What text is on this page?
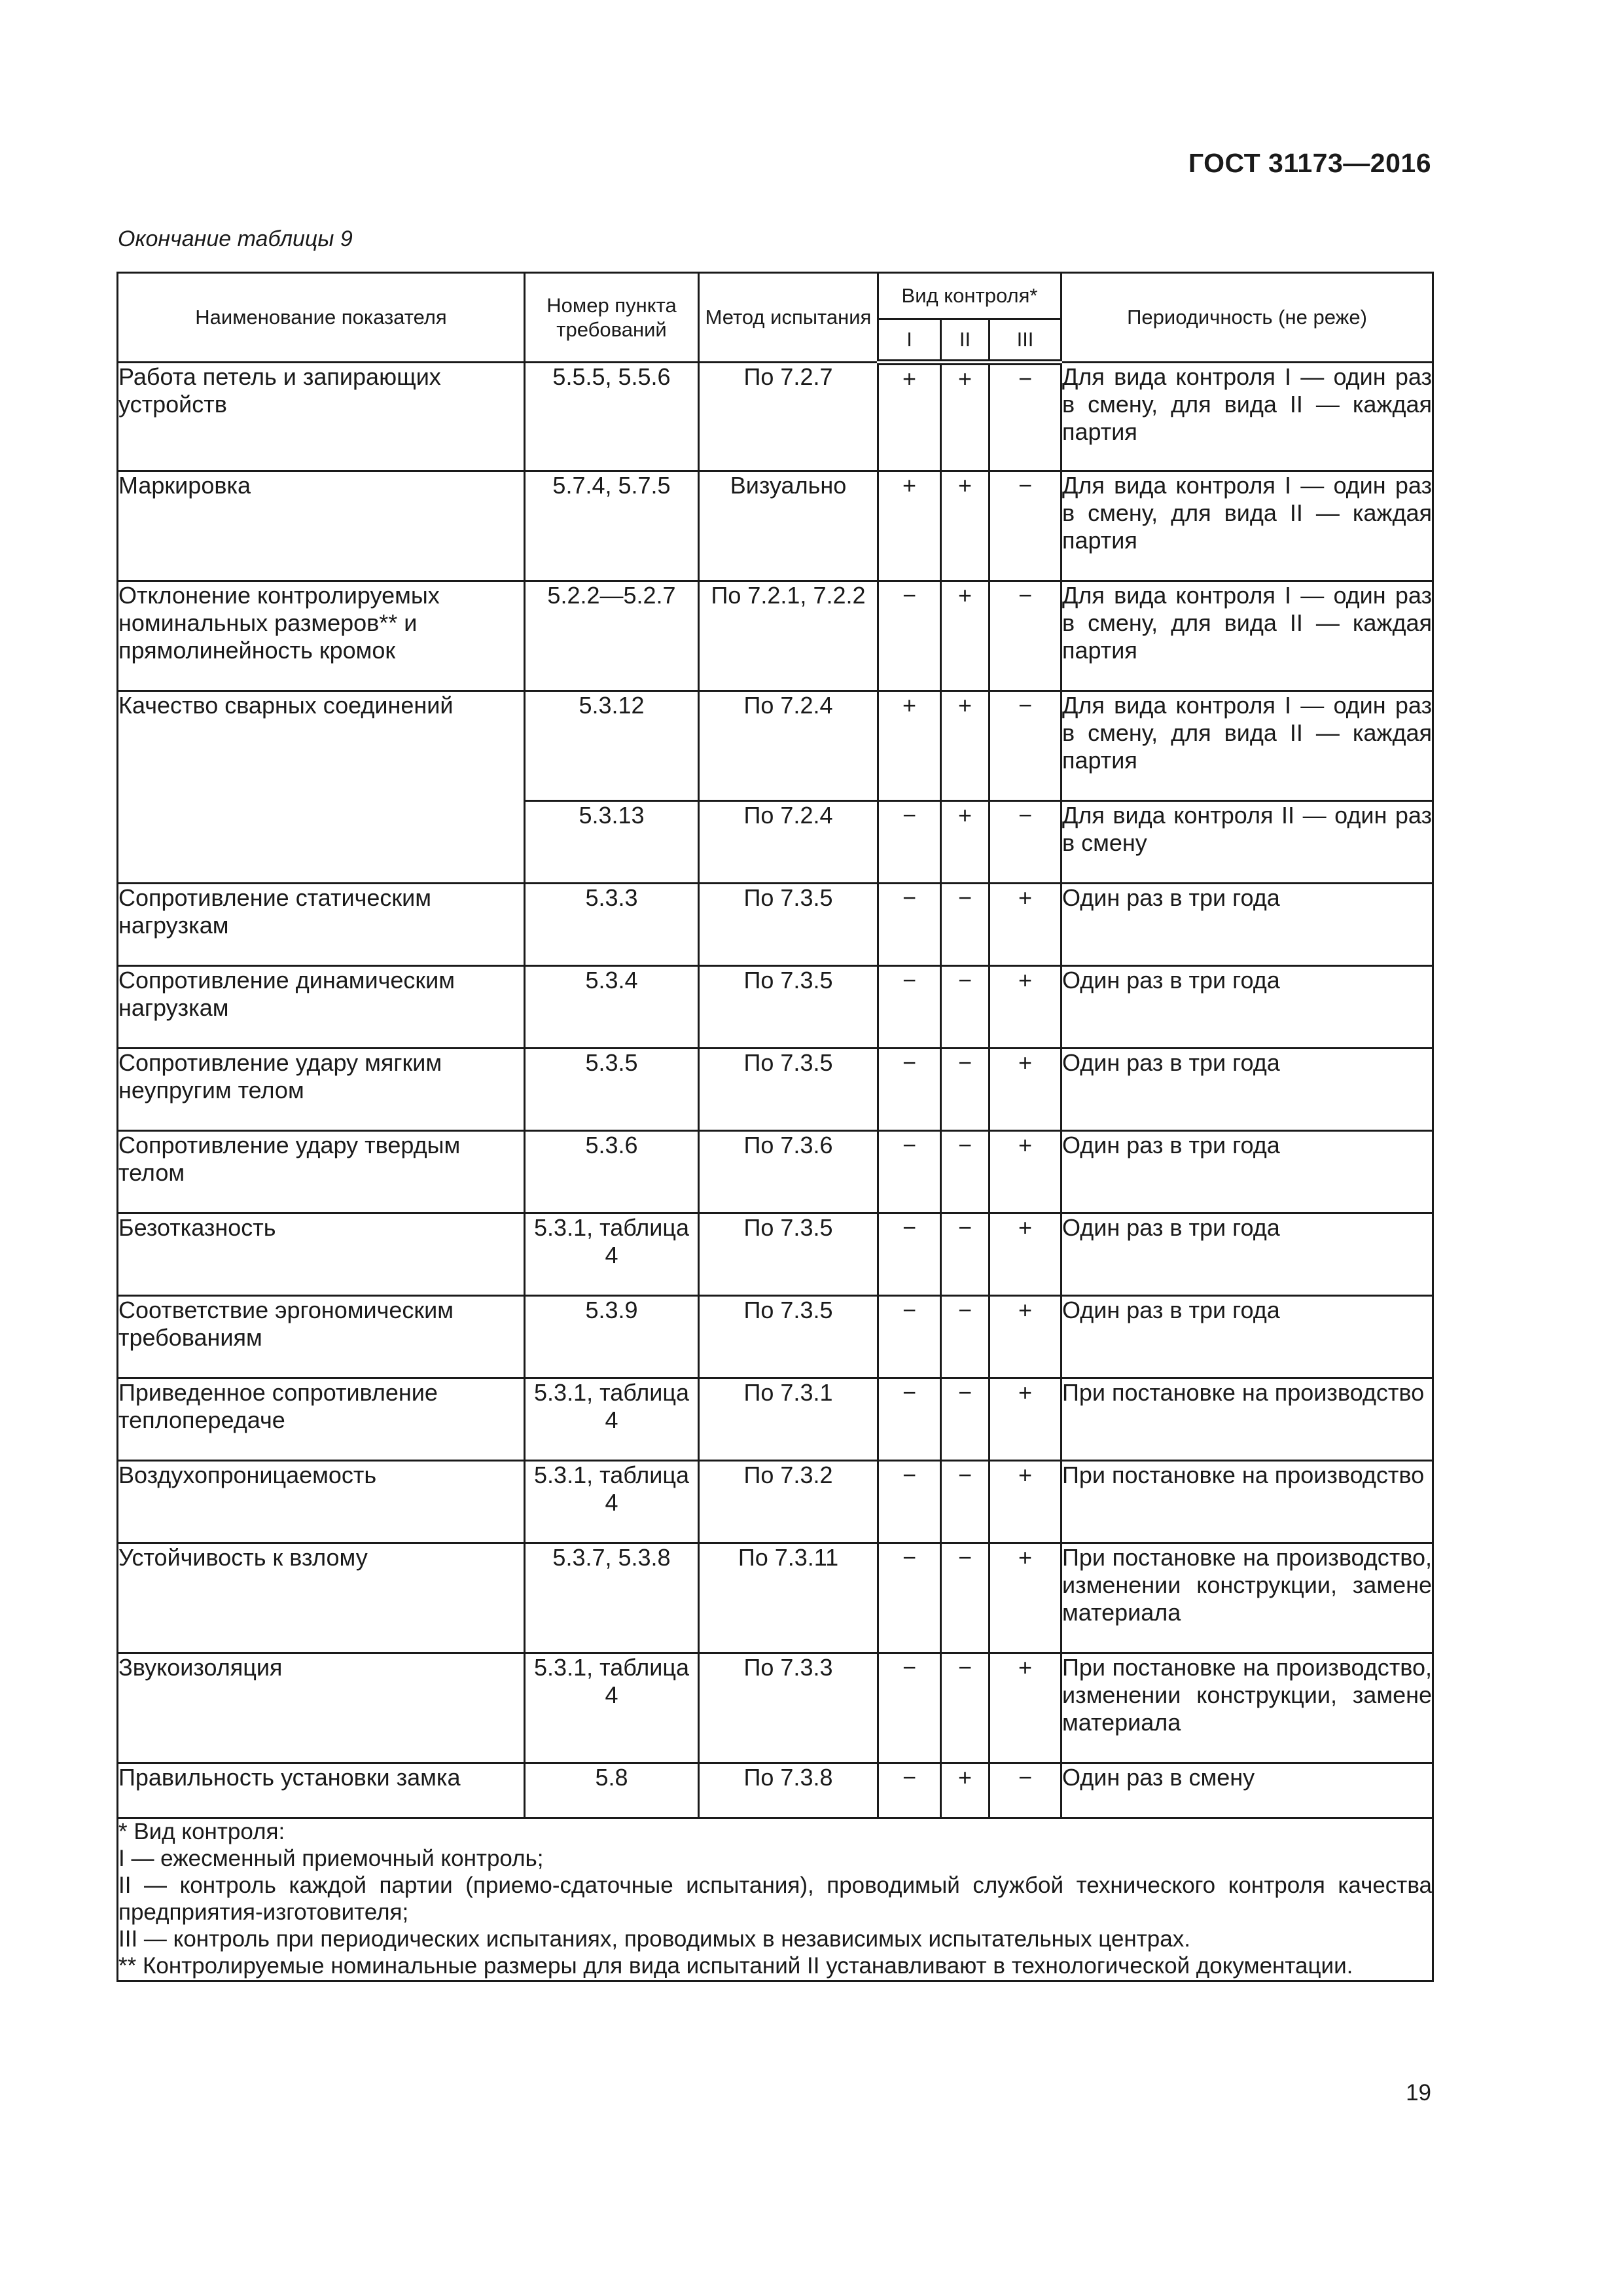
ГОСТ 31173—2016
Окончание таблицы 9
Наименование показателя	Номер пункта требований	Метод испытания	Вид контроля*			Периодичность (не реже)
			I	II	III	
Работа петель и запирающих устройств	5.5.5, 5.5.6	По 7.2.7	+	+	−	Для вида контроля I — один раз в смену, для вида II — каждая партия
Маркировка	5.7.4, 5.7.5	Визуально	+	+	−	Для вида контроля I — один раз в смену, для вида II — каждая партия
Отклонение контролируемых номинальных размеров** и прямолинейность кромок	5.2.2—5.2.7	По 7.2.1, 7.2.2	−	+	−	Для вида контроля I — один раз в смену, для вида II — каждая партия
Качество сварных соединений	5.3.12	По 7.2.4	+	+	−	Для вида контроля I — один раз в смену, для вида II — каждая партия
	5.3.13	По 7.2.4	−	+	−	Для вида контроля II — один раз в смену
Сопротивление статическим нагрузкам	5.3.3	По 7.3.5	−	−	+	Один раз в три года
Сопротивление динамическим нагрузкам	5.3.4	По 7.3.5	−	−	+	Один раз в три года
Сопротивление удару мягким неупругим телом	5.3.5	По 7.3.5	−	−	+	Один раз в три года
Сопротивление удару твердым телом	5.3.6	По 7.3.6	−	−	+	Один раз в три года
Безотказность	5.3.1, таблица 4	По 7.3.5	−	−	+	Один раз в три года
Соответствие эргономическим требованиям	5.3.9	По 7.3.5	−	−	+	Один раз в три года
Приведенное сопротивление теплопередаче	5.3.1, таблица 4	По 7.3.1	−	−	+	При постановке на производство
Воздухопроницаемость	5.3.1, таблица 4	По 7.3.2	−	−	+	При постановке на производство
Устойчивость к взлому	5.3.7, 5.3.8	По 7.3.11	−	−	+	При постановке на производство, изменении конструкции, замене материала
Звукоизоляция	5.3.1, таблица 4	По 7.3.3	−	−	+	При постановке на производство, изменении конструкции, замене материала
Правильность установки замка	5.8	По 7.3.8	−	+	−	Один раз в смену

* Вид контроля:
I — ежесменный приемочный контроль;
II — контроль каждой партии (приемо-сдаточные испытания), проводимый службой технического контроля качества предприятия-изготовителя;
III — контроль при периодических испытаниях, проводимых в независимых испытательных центрах.
** Контролируемые номинальные размеры для вида испытаний II устанавливают в технологической документации.						
19
